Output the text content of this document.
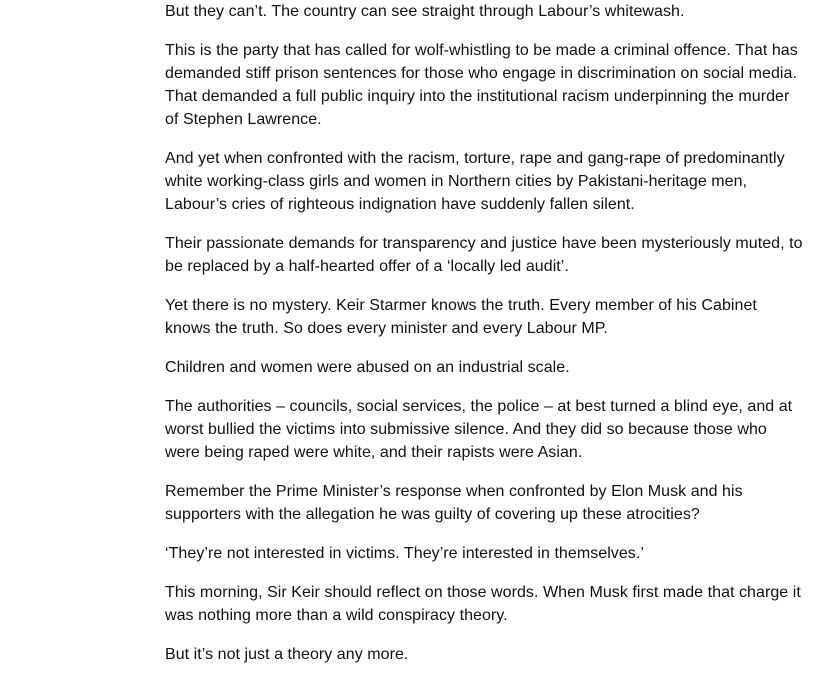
But they can’t. The country can see straight through Labour’s whitewash.

This is the party that has called for wolf-whistling to be made a criminal offence. That has demanded stiff prison sentences for those who engage in discrimination on social media. That demanded a full public inquiry into the institutional racism underpinning the murder of Stephen Lawrence.

And yet when confronted with the racism, torture, rape and gang-rape of predominantly white working-class girls and women in Northern cities by Pakistani-heritage men, Labour’s cries of righteous indignation have suddenly fallen silent.

Their passionate demands for transparency and justice have been mysteriously muted, to be replaced by a half-hearted offer of a ‘locally led audit’.

Yet there is no mystery. Keir Starmer knows the truth. Every member of his Cabinet knows the truth. So does every minister and every Labour MP.

Children and women were abused on an industrial scale.

The authorities – councils, social services, the police – at best turned a blind eye, and at worst bullied the victims into submissive silence. And they did so because those who were being raped were white, and their rapists were Asian.

Remember the Prime Minister’s response when confronted by Elon Musk and his supporters with the allegation he was guilty of covering up these atrocities?

‘They’re not interested in victims. They’re interested in themselves.’

This morning, Sir Keir should reflect on those words. When Musk first made that charge it was nothing more than a wild conspiracy theory.

But it’s not just a theory any more.
